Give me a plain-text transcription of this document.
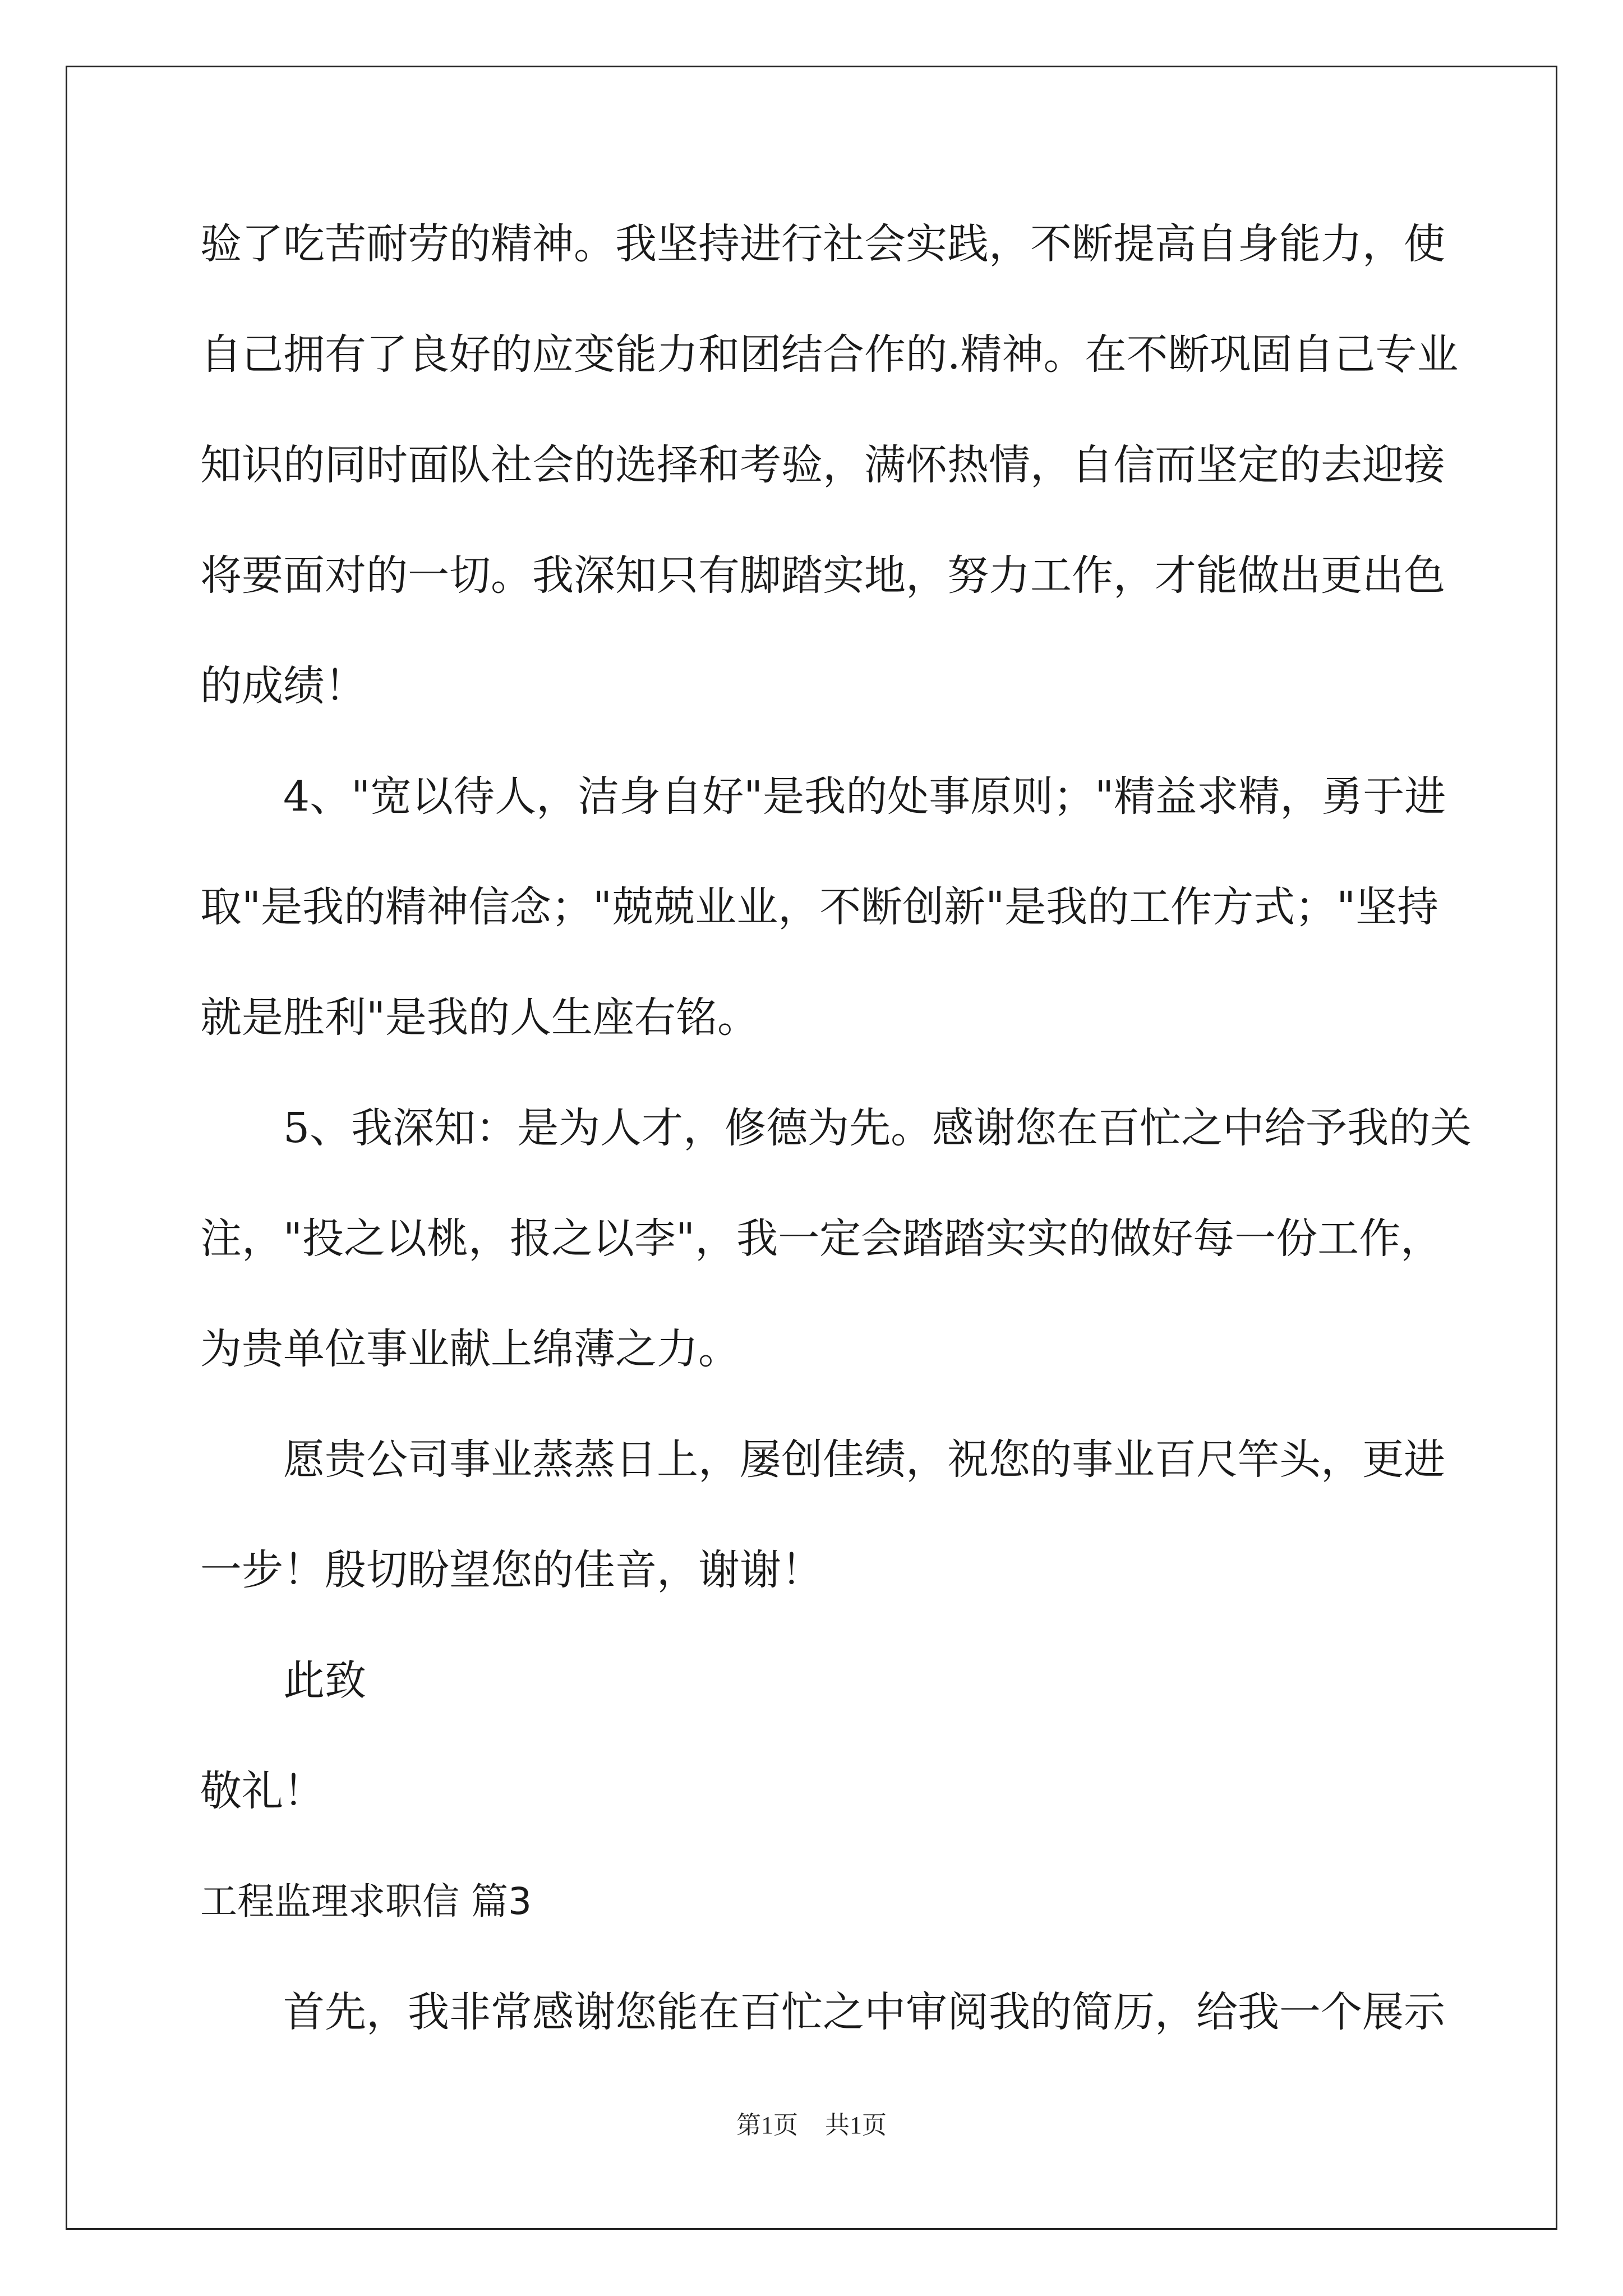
验了吃苦耐劳的精神。我坚持进行社会实践，不断提高自身能力，使
自己拥有了良好的应变能力和团结合作的.精神。在不断巩固自己专业
知识的同时面队社会的选择和考验，满怀热情，自信而坚定的去迎接
将要面对的一切。我深知只有脚踏实地，努力工作，才能做出更出色
的成绩！
4、"宽以待人，洁身自好"是我的处事原则；"精益求精，勇于进
取"是我的精神信念；"兢兢业业，不断创新"是我的工作方式；"坚持
就是胜利"是我的人生座右铭。
5、我深知：是为人才，修德为先。感谢您在百忙之中给予我的关
注，"投之以桃，报之以李"，我一定会踏踏实实的做好每一份工作，
为贵单位事业献上绵薄之力。
愿贵公司事业蒸蒸日上，屡创佳绩，祝您的事业百尺竿头，更进
一步！殷切盼望您的佳音，谢谢！
此致
敬礼！
工程监理求职信 篇3
首先，我非常感谢您能在百忙之中审阅我的简历，给我一个展示
第1页 共1页
